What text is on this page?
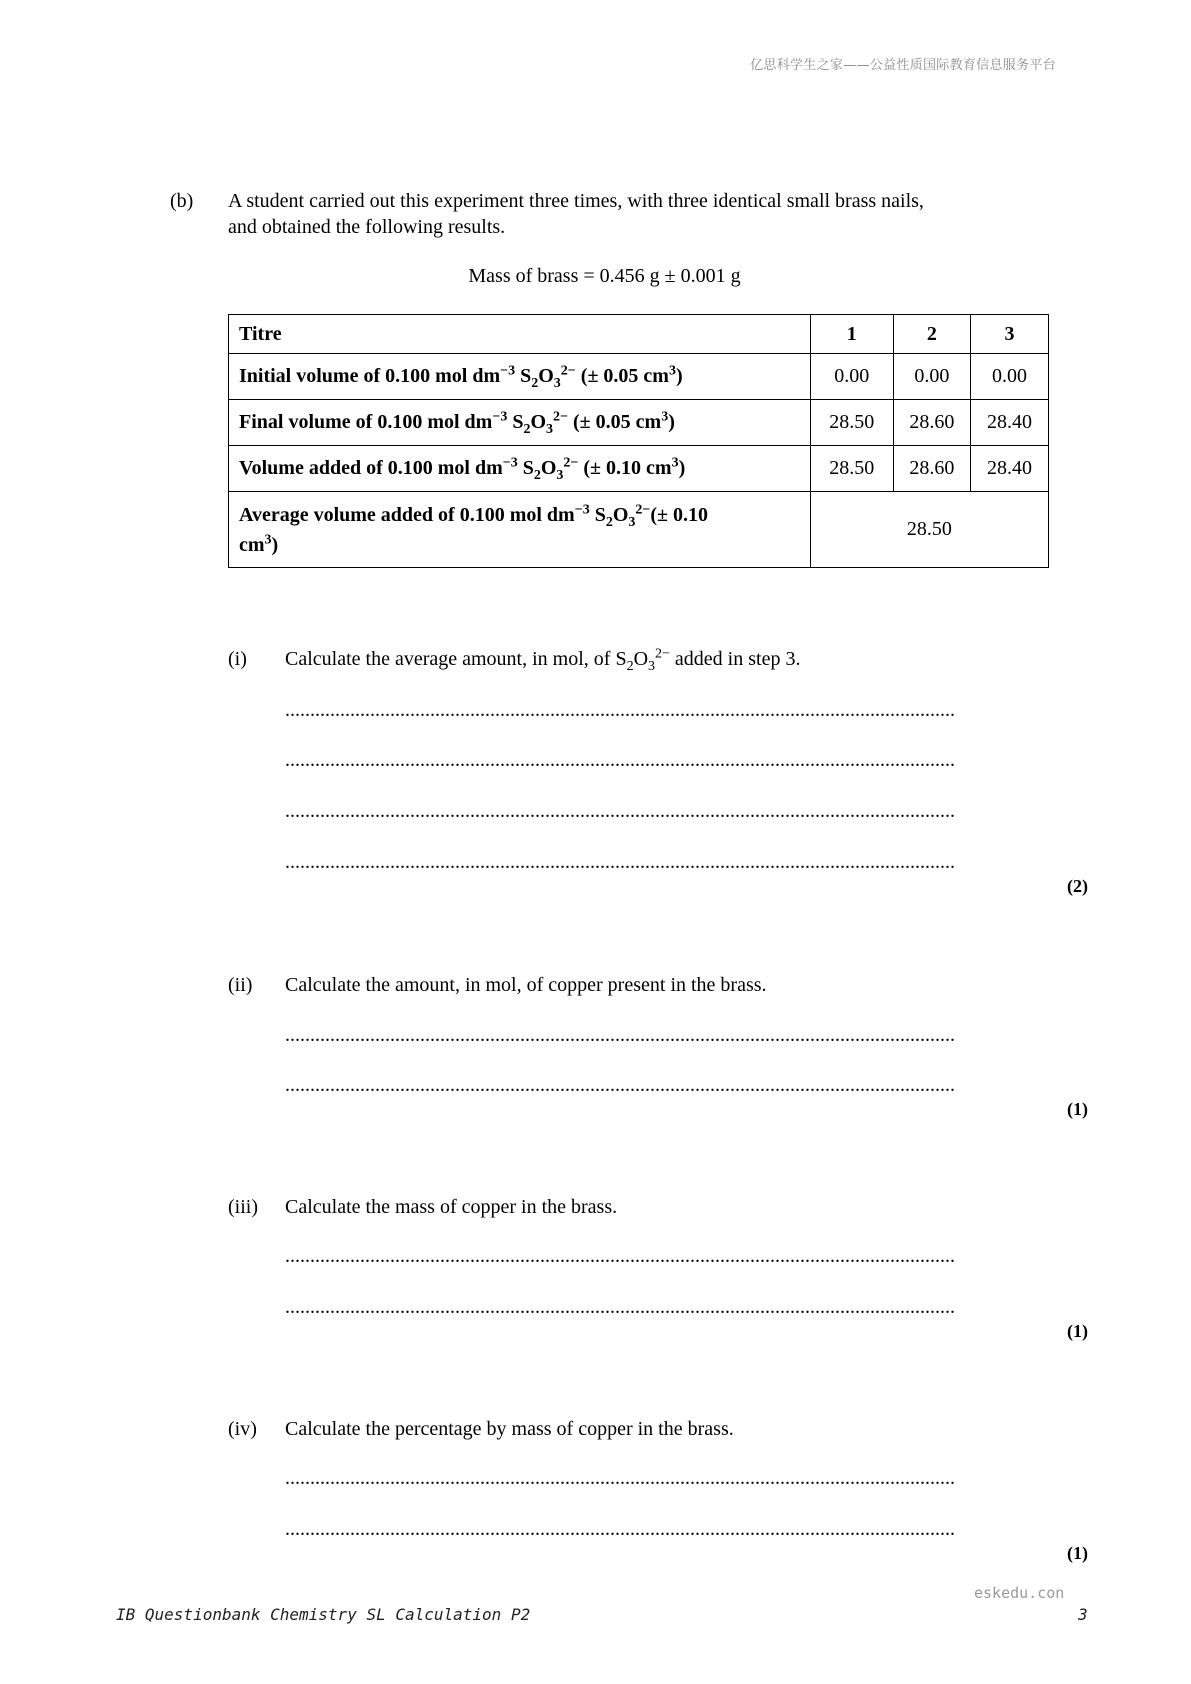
亿思科学生之家——公益性质国际教育信息服务平台
(b) A student carried out this experiment three times, with three identical small brass nails,
and obtained the following results.
Mass of brass = 0.456 g ± 0.001 g
Titre	1	2	3
Initial volume of 0.100 mol $dm^{-3}$ $S_2O_3^{2-}$ (± 0.05 $cm^3$)	0.00	0.00	0.00
Final volume of 0.100 mol $dm^{-3}$ $S_2O_3^{2-}$ (± 0.05 $cm^3$)	28.50	28.60	28.40
Volume added of 0.100 mol $dm^{-3}$ $S_2O_3^{2-}$ (± 0.10 $cm^3$)	28.50	28.60	28.40
Average volume added of 0.100 mol $dm^{-3}$ $S_2O_3^{2-}(\pm 0.10$
$cm^3$)	28.50		
(i) Calculate the average amount, in mol, of $S_2O_3^{2-}$ added in step 3.
......................................................................................................................................
......................................................................................................................................
......................................................................................................................................
......................................................................................................................................
(2)
(ii) Calculate the amount, in mol, of copper present in the brass.
......................................................................................................................................
......................................................................................................................................
(1)
(iii) Calculate the mass of copper in the brass.
......................................................................................................................................
......................................................................................................................................
(1)
(iv) Calculate the percentage by mass of copper in the brass.
......................................................................................................................................
......................................................................................................................................
(1)
eskedu.con
IB Questionbank Chemistry SL Calculation P2	3
